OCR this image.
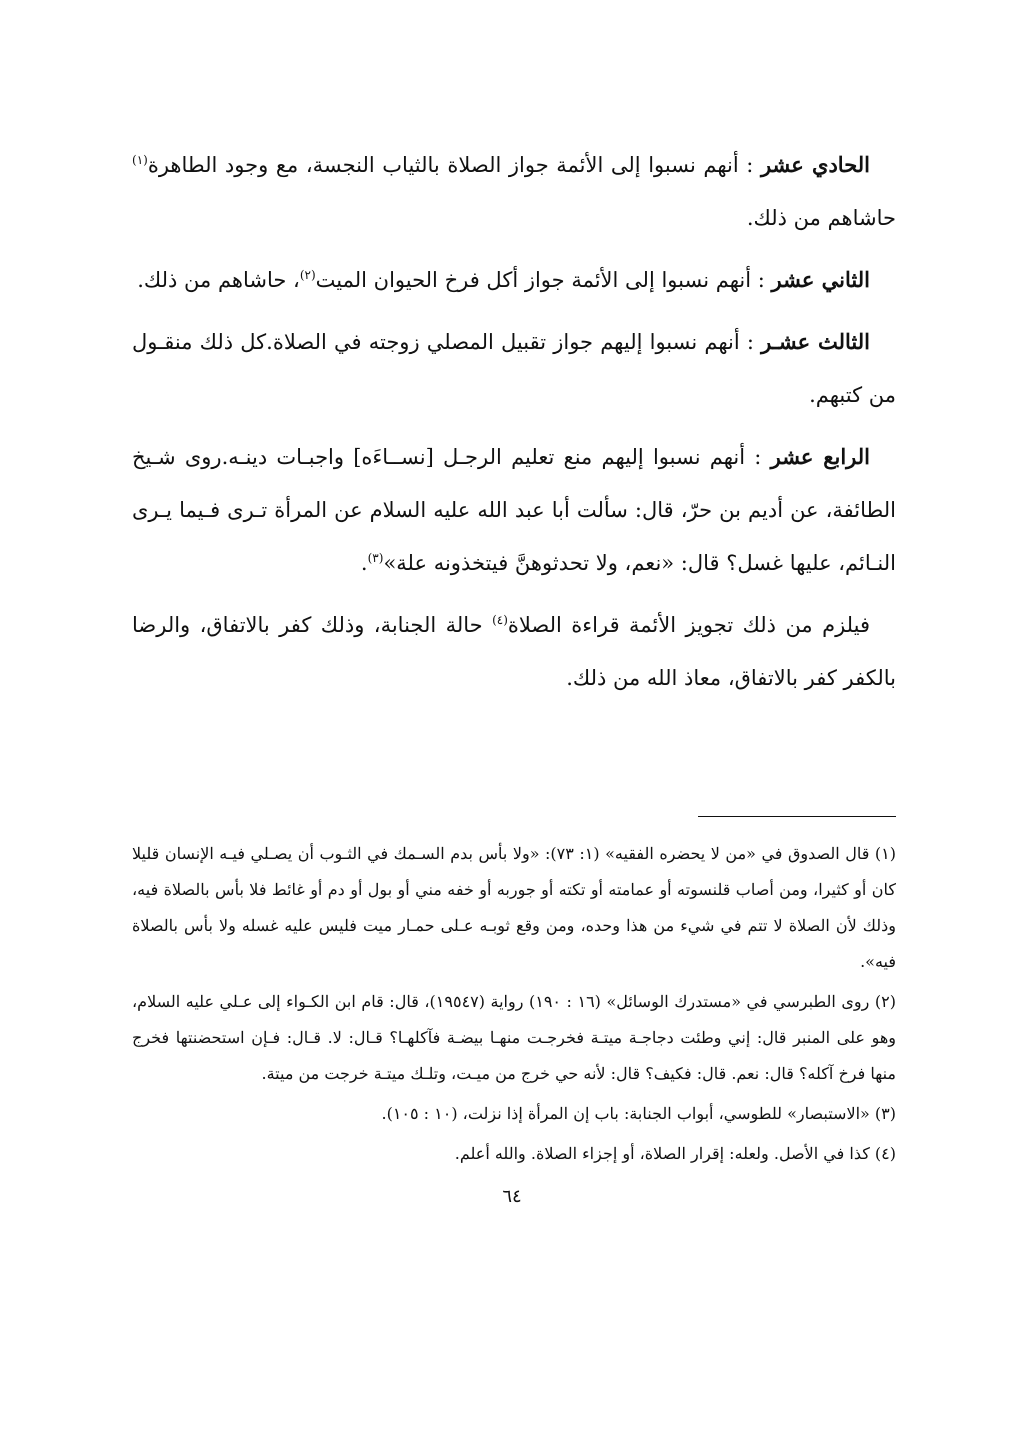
الحادي عشر : أنهم نسبوا إلى الأئمة جواز الصلاة بالثياب النجسة، مع وجود الطاهرة$^{(١)}$ حاشاهم من ذلك.

الثاني عشر : أنهم نسبوا إلى الأئمة جواز أكل فرخ الحيوان الميت$^{(٢)}$، حاشاهم من ذلك.

الثالث عشـر : أنهم نسبوا إليهم جواز تقبيل المصلي زوجته في الصلاة.كل ذلك منقـول من كتبهم.

الرابع عشر : أنهم نسبوا إليهم منع تعليم الرجـل [نســاءَه] واجبـات دينـه.روى شـيخ الطائفة، عن أديم بن حرّ، قال: سألت أبا عبد الله عليه السلام عن المرأة تـرى فـيما يـرى النـائم، عليها غسل؟ قال: «نعم، ولا تحدثوهنَّ فيتخذونه علة»$^{(٣)}$.

فيلزم من ذلك تجويز الأئمة قراءة الصلاة$^{(٤)}$ حالة الجنابة، وذلك كفر بالاتفاق، والرضا بالكفر كفر بالاتفاق، معاذ الله من ذلك.

(١) قال الصدوق في «من لا يحضره الفقيه» (١: ٧٣): «ولا بأس بدم السـمك في الثـوب أن يصـلي فيـه الإنسان قليلا كان أو كثيرا، ومن أصاب قلنسوته أو عمامته أو تكته أو جوربه أو خفه مني أو بول أو دم أو غائط فلا بأس بالصلاة فيه، وذلك لأن الصلاة لا تتم في شيء من هذا وحده، ومن وقع ثوبـه عـلى حمـار ميت فليس عليه غسله ولا بأس بالصلاة فيه».

(٢) روى الطبرسي في «مستدرك الوسائل» (١٦ : ١٩٠) رواية (١٩٥٤٧)، قال: قام ابن الكـواء إلى عـلي عليه السلام، وهو على المنبر قال: إني وطئت دجاجـة ميتـة فخرجـت منهـا بيضـة فآكلهـا؟ قـال: لا. قـال: فـإن استحضنتها فخرج منها فرخ آكله؟ قال: نعم. قال: فكيف؟ قال: لأنه حي خرج من ميـت، وتلـك ميتـة خرجت من ميتة.

(٣) «الاستبصار» للطوسي، أبواب الجنابة: باب إن المرأة إذا نزلت، (١٠ : ١٠٥).

(٤) كذا في الأصل. ولعله: إقرار الصلاة، أو إجزاء الصلاة. والله أعلم.

٦٤
